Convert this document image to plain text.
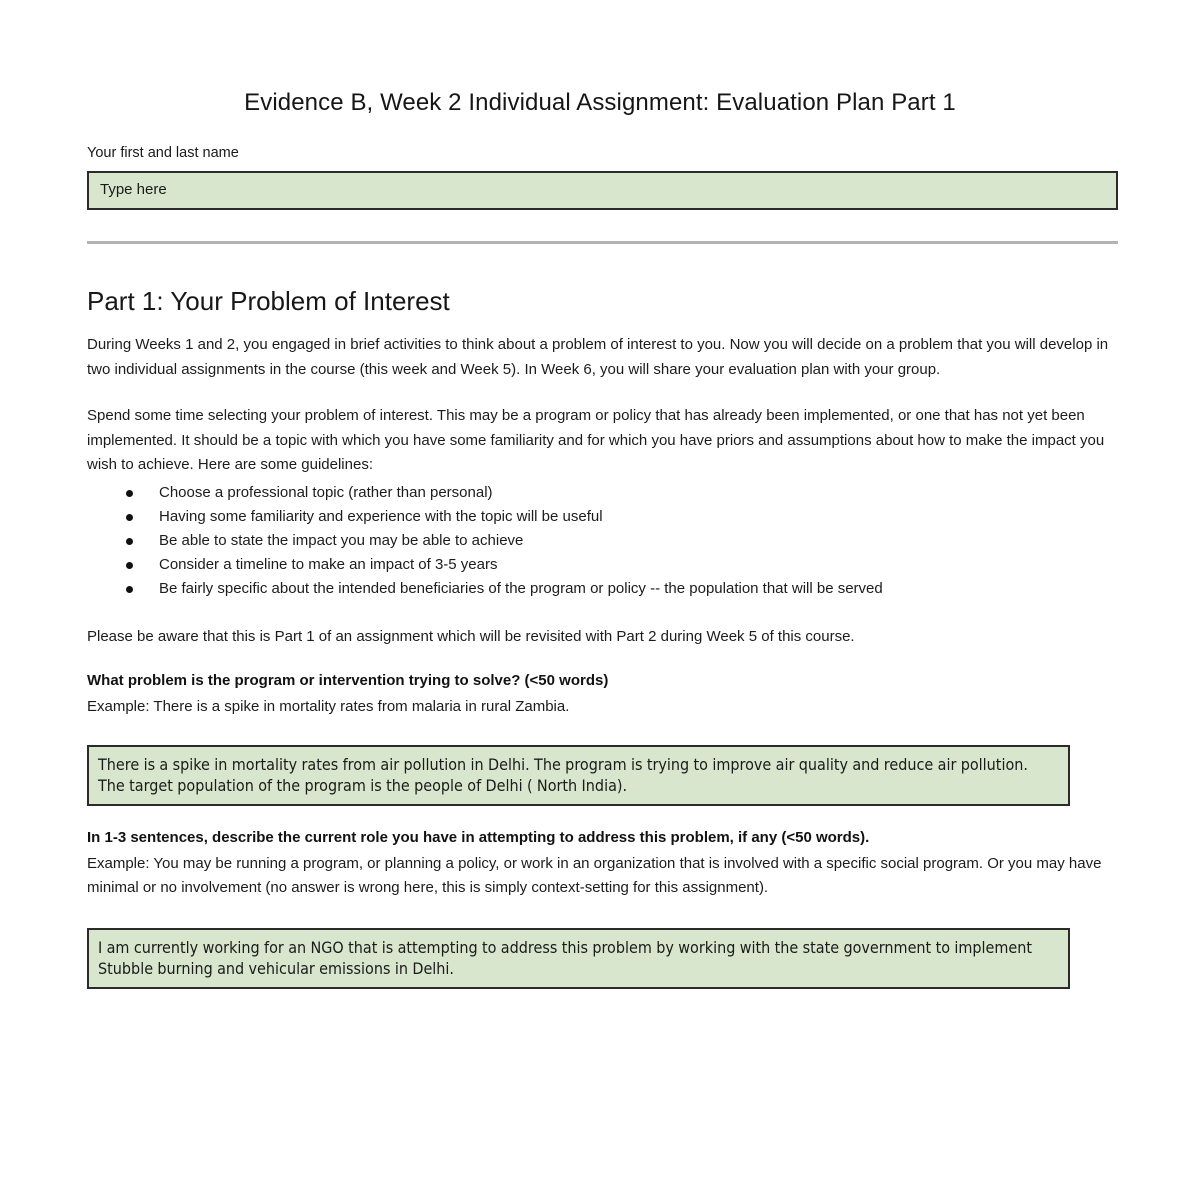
Evidence B, Week 2 Individual Assignment: Evaluation Plan Part 1
Your first and last name
Type here
Part 1: Your Problem of Interest

During Weeks 1 and 2, you engaged in brief activities to think about a problem of interest to you. Now you will decide on a problem that you will develop in two individual assignments in the course (this week and Week 5). In Week 6, you will share your evaluation plan with your group.

Spend some time selecting your problem of interest. This may be a program or policy that has already been implemented, or one that has not yet been implemented. It should be a topic with which you have some familiarity and for which you have priors and assumptions about how to make the impact you wish to achieve. Here are some guidelines:

Choose a professional topic (rather than personal)
Having some familiarity and experience with the topic will be useful
Be able to state the impact you may be able to achieve
Consider a timeline to make an impact of 3-5 years
Be fairly specific about the intended beneficiaries of the program or policy -- the population that will be served

Please be aware that this is Part 1 of an assignment which will be revisited with Part 2 during Week 5 of this course.

What problem is the program or intervention trying to solve? (<50 words)

Example: There is a spike in mortality rates from malaria in rural Zambia.

There is a spike in mortality rates from air pollution in Delhi. The program is trying to improve air quality and reduce air pollution. The target population of the program is the people of Delhi ( North India).

In 1-3 sentences, describe the current role you have in attempting to address this problem, if any (<50 words).

Example: You may be running a program, or planning a policy, or work in an organization that is involved with a specific social program. Or you may have minimal or no involvement (no answer is wrong here, this is simply context-setting for this assignment).

I am currently working for an NGO that is attempting to address this problem by working with the state government to implement Stubble burning and vehicular emissions in Delhi.
